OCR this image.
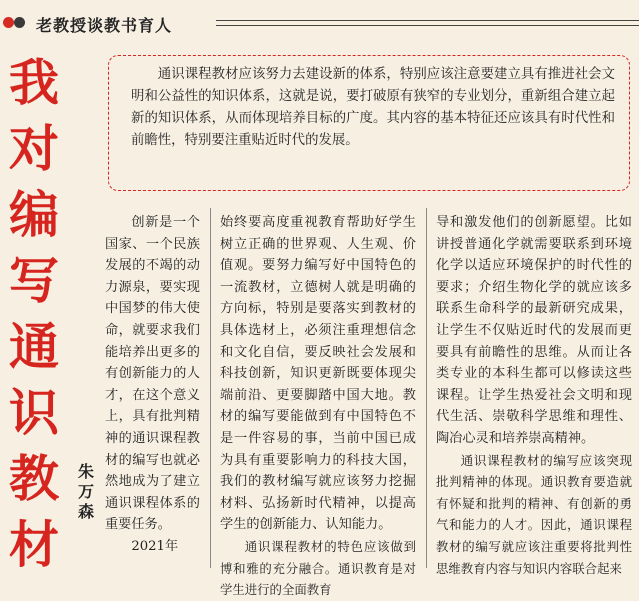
老教授谈教书育人
我
对
编
写
通
识
教
材
通识课程教材应该努力去建设新的体系，特别应该注意要建立具有推进社会文明和公益性的知识体系，这就是说，要打破原有狭窄的专业划分，重新组合建立起新的知识体系，从而体现培养目标的广度。其内容的基本特征还应该具有时代性和前瞻性，特别要注重贴近时代的发展。

创新是一个国家、一个民族发展的不竭的动力源泉，要实现中国梦的伟大使命，就要求我们能培养出更多的有创新能力的人才，在这个意义上，具有批判精神的通识课程教材的编写也就必然地成为了建立通识课程体系的重要任务。

2021年

始终要高度重视教育帮助好学生树立正确的世界观、人生观、价值观。要努力编写好中国特色的一流教材，立德树人就是明确的方向标，特别是要落实到教材的具体选材上，必须注重理想信念和文化自信，要反映社会发展和科技创新，知识更新既要体现尖端前沿、更要脚踏中国大地。教材的编写要能做到有中国特色不是一件容易的事，当前中国已成为具有重要影响力的科技大国，我们的教材编写就应该努力挖掘材料、弘扬新时代精神，以提高学生的创新能力、认知能力。

通识课程教材的特色应该做到博和雅的充分融合。通识教育是对学生进行的全面教育

导和激发他们的创新愿望。比如讲授普通化学就需要联系到环境化学以适应环境保护的时代性的要求；介绍生物化学的就应该多联系生命科学的最新研究成果，让学生不仅贴近时代的发展而更要具有前瞻性的思维。从而让各类专业的本科生都可以修读这些课程。让学生热爱社会文明和现代生活、崇敬科学思维和理性、陶冶心灵和培养崇高精神。

通识课程教材的编写应该突现批判精神的体现。通识教育要造就有怀疑和批判的精神、有创新的勇气和能力的人才。因此，通识课程教材的编写就应该注重要将批判性思维教育内容与知识内容联合起来

朱
万
森
